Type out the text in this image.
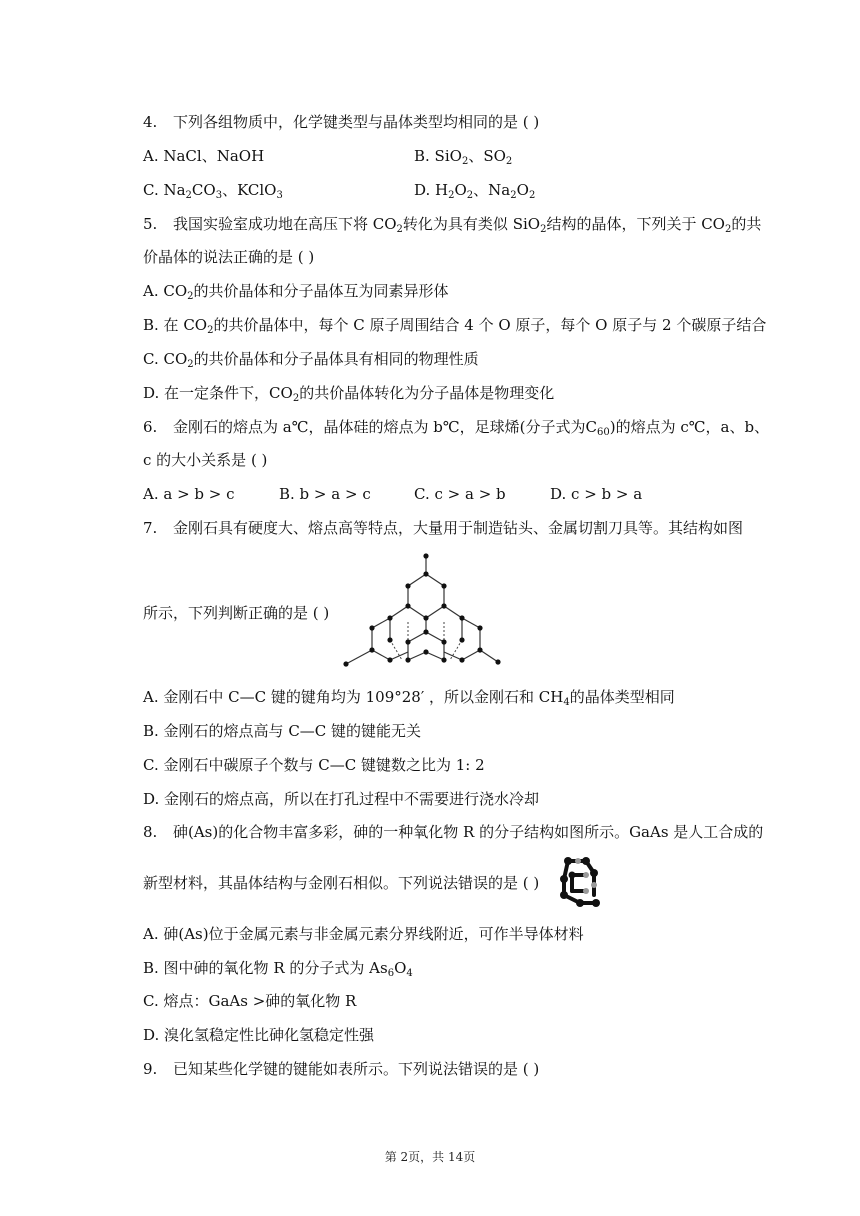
4. 下列各组物质中，化学键类型与晶体类型均相同的是 ( )
A. NaCl、NaOH	B. SiO$_2$、$SO_2$
C. $Na_2CO_3$、KClO$_3$	D. $H_2O_2$、$Na_2O_2$
5. 我国实验室成功地在高压下将 $CO_2$转化为具有类似 SiO$_2$结构的晶体，下列关于 $CO_2$的共
价晶体的说法正确的是 ( )
A. $CO_2$的共价晶体和分子晶体互为同素异形体
B. 在 $CO_2$的共价晶体中，每个 C 原子周围结合 4 个 O 原子，每个 O 原子与 2 个碳原子结合
C. $CO_2$的共价晶体和分子晶体具有相同的物理性质
D. 在一定条件下，$CO_2$的共价晶体转化为分子晶体是物理变化
6. 金刚石的熔点为 a℃，晶体硅的熔点为 b℃，足球烯(分子式为$C_{60}$)的熔点为 c℃，a、b、
c 的大小关系是 ( )
A. a > b > c	B. b > a > c	C. c > a > b	D. c > b > a
7. 金刚石具有硬度大、熔点高等特点，大量用于制造钻头、金属切割刀具等。其结构如图
所示，下列判断正确的是 ( )
A. 金刚石中 C—C 键的键角均为 109°28′ ，所以金刚石和 $CH_4$的晶体类型相同
B. 金刚石的熔点高与 C—C 键的键能无关
C. 金刚石中碳原子个数与 C—C 键键数之比为 1: 2
D. 金刚石的熔点高，所以在打孔过程中不需要进行浇水冷却
8. 砷(As)的化合物丰富多彩，砷的一种氧化物 R 的分子结构如图所示。GaAs 是人工合成的
新型材料，其晶体结构与金刚石相似。下列说法错误的是 ( )
A. 砷(As)位于金属元素与非金属元素分界线附近，可作半导体材料
B. 图中砷的氧化物 R 的分子式为 $As_6O_4$
C. 熔点：GaAs >砷的氧化物 R
D. 溴化氢稳定性比砷化氢稳定性强
9. 已知某些化学键的键能如表所示。下列说法错误的是 ( )
第 2页，共 14页
